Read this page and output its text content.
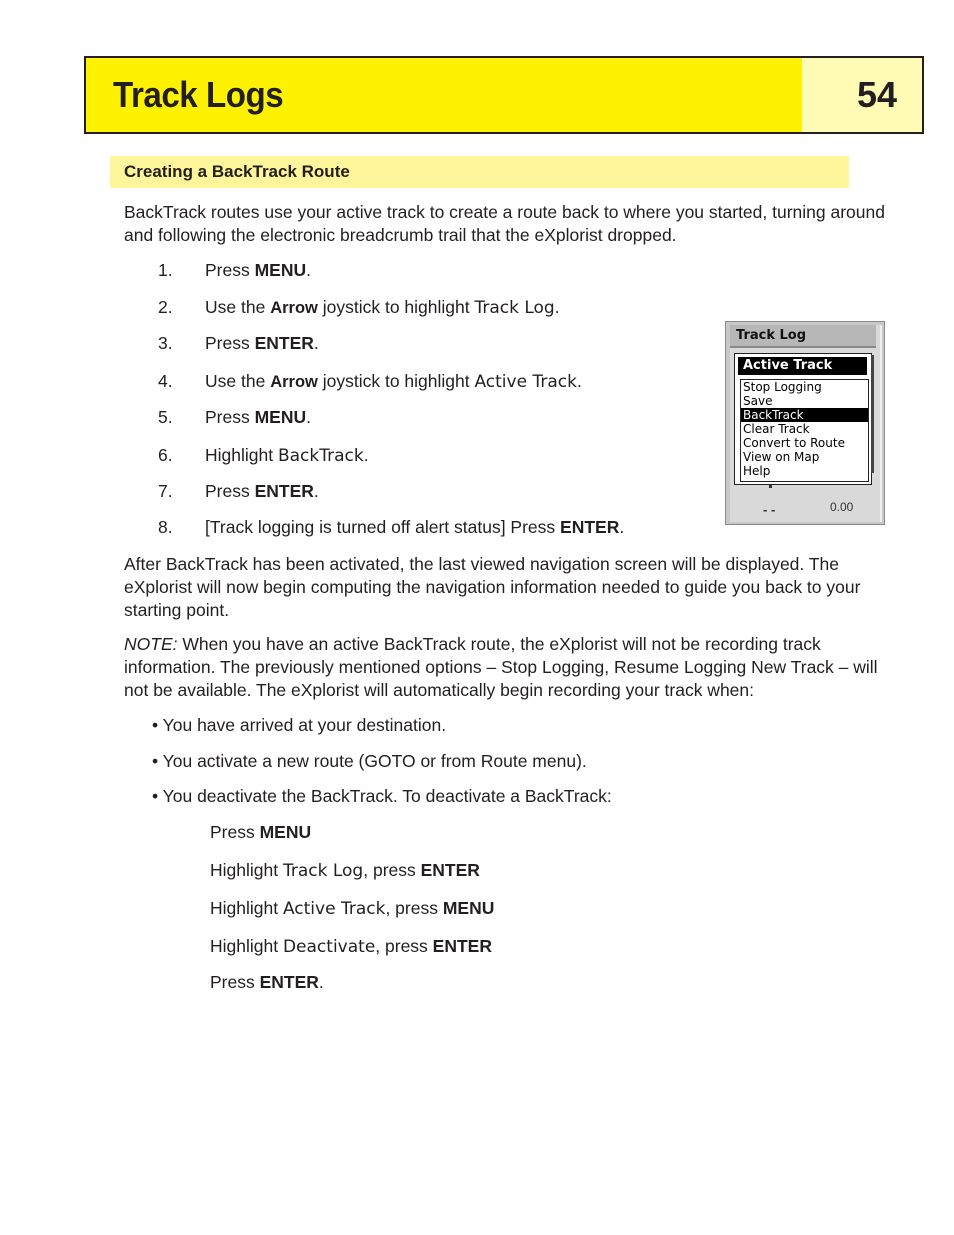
Track Logs	54
Creating a BackTrack Route

BackTrack routes use your active track to create a route back to where you started, turning around and following the electronic breadcrumb trail that the eXplorist dropped.

1. Press MENU.
2. Use the Arrow joystick to highlight Track Log.
3. Press ENTER.
4. Use the Arrow joystick to highlight Active Track.
5. Press MENU.
6. Highlight BackTrack.
7. Press ENTER.
8. [Track logging is turned off alert status] Press ENTER.
Track Log
Active Track
Stop Logging
Save
BackTrack
Clear Track
Convert to Route
View on Map
Help
- -	0.00

After BackTrack has been activated, the last viewed navigation screen will be displayed. The eXplorist will now begin computing the navigation information needed to guide you back to your starting point.

NOTE: When you have an active BackTrack route, the eXplorist will not be recording track information. The previously mentioned options – Stop Logging, Resume Logging New Track – will not be available. The eXplorist will automatically begin recording your track when:

• You have arrived at your destination.
• You activate a new route (GOTO or from Route menu).
• You deactivate the BackTrack. To deactivate a BackTrack:
Press MENU
Highlight Track Log, press ENTER
Highlight Active Track, press MENU
Highlight Deactivate, press ENTER
Press ENTER.
